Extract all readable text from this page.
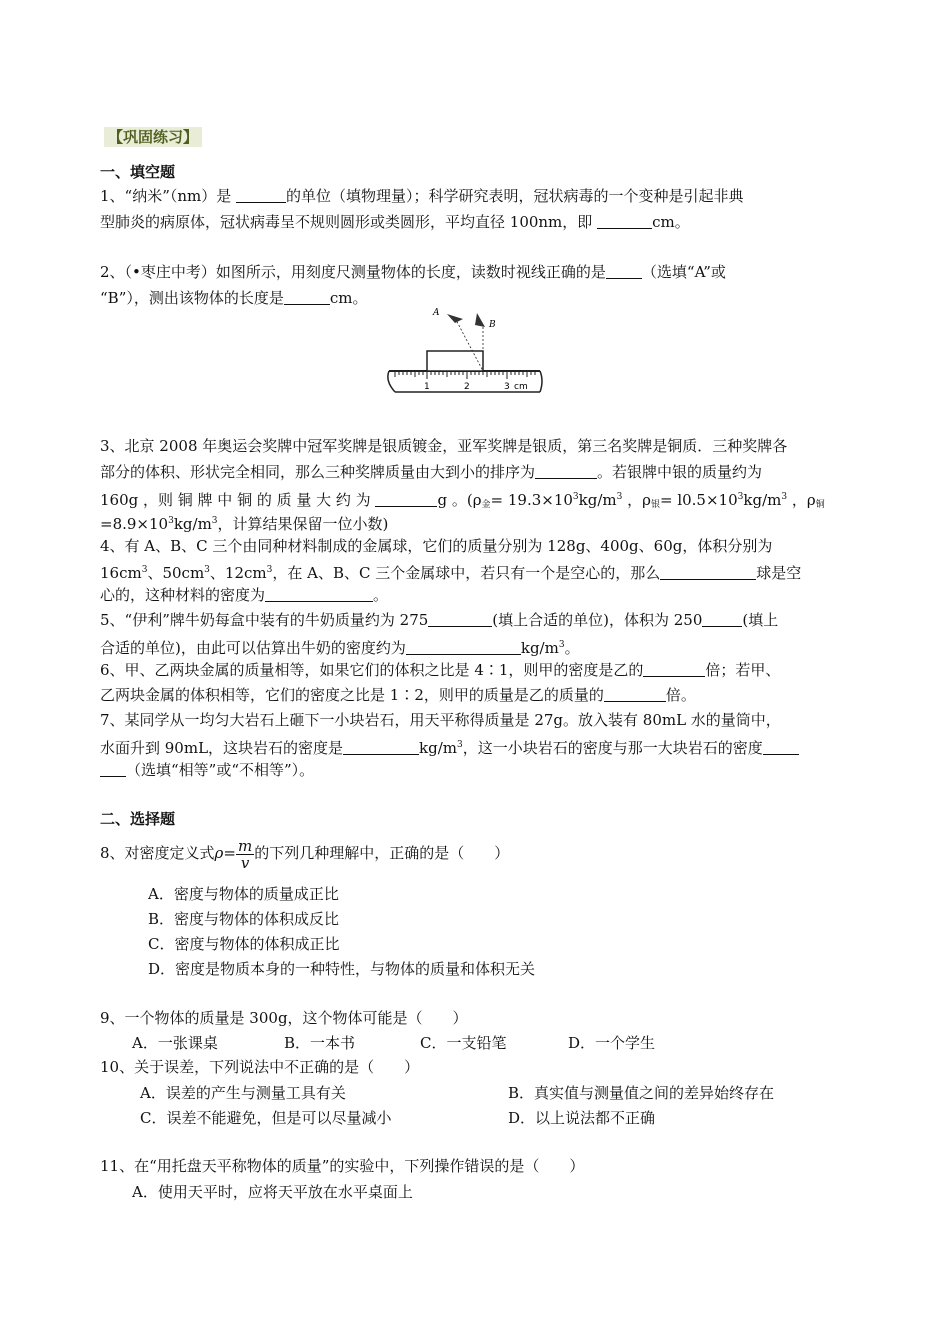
【巩固练习】
一、填空题
1、“纳米”（nm）是	的单位（填物理量）；科学研究表明，冠状病毒的一个变种是引起非典
型肺炎的病原体，冠状病毒呈不规则圆形或类圆形，平均直径 100nm，即	cm。
2、（•枣庄中考）如图所示，用刻度尺测量物体的长度，读数时视线正确的是 （选填“A”或
“B”），测出该物体的长度是	cm。
1	2	3 cm
A
B
3、北京 2008 年奥运会奖牌中冠军奖牌是银质镀金，亚军奖牌是银质，第三名奖牌是铜质．三种奖牌各
部分的体积、形状完全相同，那么三种奖牌质量由大到小的排序为	。若银牌中银的质量约为
160g ，则 铜 牌 中 铜 的 质 量 大 约 为	g 。($\rho_金= 19.3\times 10^3kg/m^3$ ，$\rho_银= l0.5\times 10^3kg/m^3$ ，$\rho_铜$
$=8.9\times 10^3kg/m^3$，计算结果保留一位小数)
4、有 A、B、C 三个由同种材料制成的金属球，它们的质量分别为 128g、400g、60g，体积分别为
$16cm^3$、$50cm^3$、$12cm^3$，在 A、B、C 三个金属球中，若只有一个是空心的，那么	球是空
心的，这种材料的密度为	。
5、“伊利”牌牛奶每盒中装有的牛奶质量约为 275	(填上合适的单位)，体积为 250	(填上
合适的单位)，由此可以估算出牛奶的密度约为	$kg/m^3$。
6、甲、乙两块金属的质量相等，如果它们的体积之比是 4∶1，则甲的密度是乙的	倍；若甲、
乙两块金属的体积相等，它们的密度之比是 1∶2，则甲的质量是乙的质量的	倍。
7、某同学从一均匀大岩石上砸下一小块岩石，用天平称得质量是 27g。放入装有 80mL 水的量筒中，
水面升到 90mL，这块岩石的密度是	$kg/m^3$，这一小块岩石的密度与那一大块岩石的密度
（选填“相等”或“不相等”）。
二、选择题
8、对密度定义式$\rho= \frac{m}{v}$ 的下列几种理解中，正确的是（　　）
A．密度与物体的质量成正比
B．密度与物体的体积成反比
C．密度与物体的体积成正比
D．密度是物质本身的一种特性，与物体的质量和体积无关
9、一个物体的质量是 300g，这个物体可能是（　　）
A．一张课桌	B．一本书	C．一支铅笔	D．一个学生
10、关于误差，下列说法中不正确的是（　　）
A．误差的产生与测量工具有关	B．真实值与测量值之间的差异始终存在
C．误差不能避免，但是可以尽量减小	D．以上说法都不正确
11、在“用托盘天平称物体的质量”的实验中，下列操作错误的是（　　）
A．使用天平时，应将天平放在水平桌面上
